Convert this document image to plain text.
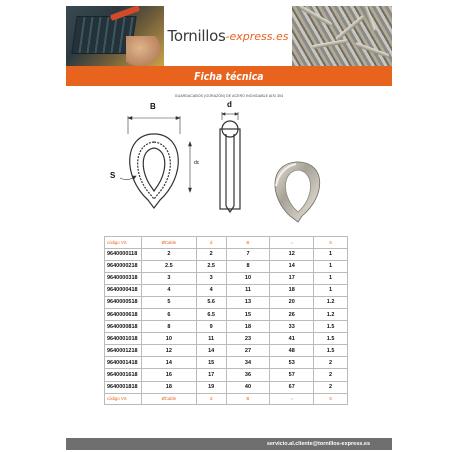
Tornillos -express.es
Ficha técnica
GUARDACABOS (GORAZÓN) DE ACERO INOXIDABLE AISI 304
B	d
S
dc
código VS	ØCable	d	B	⇔	S
9640000118	2	2	7	12	1
9640000218	2.5	2.5	8	14	1
9640000318	3	3	10	17	1
9640000418	4	4	11	18	1
9640000518	5	5.6	13	20	1.2
9640000618	6	6.5	15	26	1.2
9640000818	8	9	18	33	1.5
9640001018	10	11	23	41	1.5
9640001218	12	14	27	48	1.5
9640001418	14	15	34	53	2
9640001618	16	17	36	57	2
9640001818	18	19	40	67	2
código VS	ØCable	d	B	⇔	S
servicio.al.cliente@tornillos-express.es
